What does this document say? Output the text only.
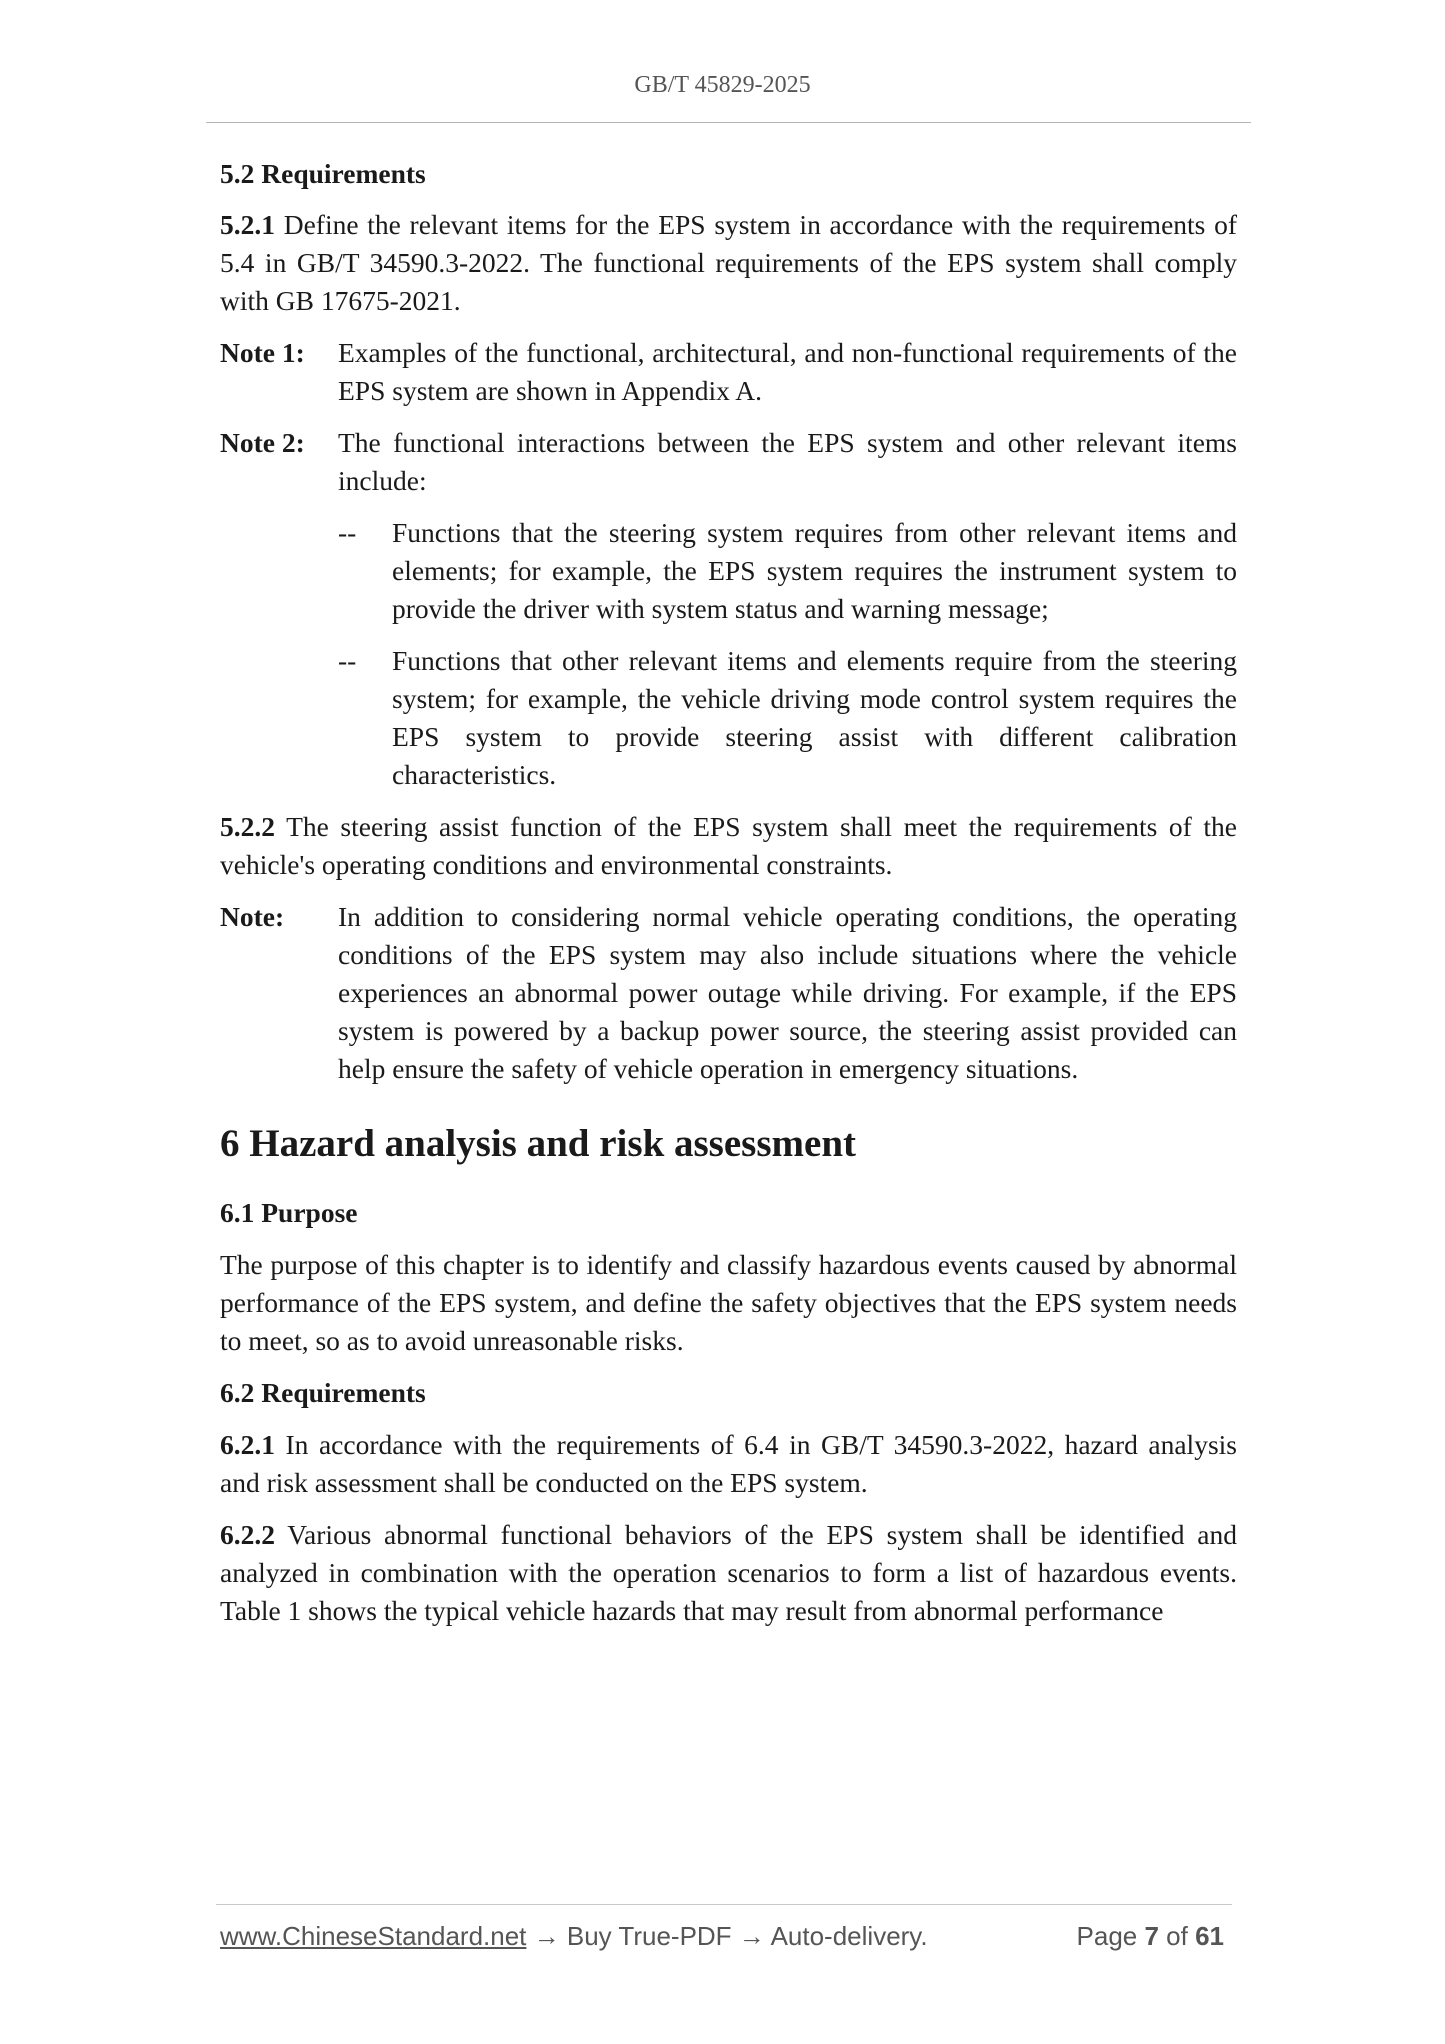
GB/T 45829-2025
5.2 Requirements
5.2.1 Define the relevant items for the EPS system in accordance with the requirements of 5.4 in GB/T 34590.3-2022. The functional requirements of the EPS system shall comply with GB 17675-2021.
Note 1:	Examples of the functional, architectural, and non-functional requirements of the EPS system are shown in Appendix A.
Note 2:	The functional interactions between the EPS system and other relevant items include:
--	Functions that the steering system requires from other relevant items and elements; for example, the EPS system requires the instrument system to provide the driver with system status and warning message;
--	Functions that other relevant items and elements require from the steering system; for example, the vehicle driving mode control system requires the EPS system to provide steering assist with different calibration characteristics.
5.2.2 The steering assist function of the EPS system shall meet the requirements of the vehicle's operating conditions and environmental constraints.
Note:	In addition to considering normal vehicle operating conditions, the operating conditions of the EPS system may also include situations where the vehicle experiences an abnormal power outage while driving. For example, if the EPS system is powered by a backup power source, the steering assist provided can help ensure the safety of vehicle operation in emergency situations.
6 Hazard analysis and risk assessment
6.1 Purpose
The purpose of this chapter is to identify and classify hazardous events caused by abnormal performance of the EPS system, and define the safety objectives that the EPS system needs to meet, so as to avoid unreasonable risks.
6.2 Requirements
6.2.1 In accordance with the requirements of 6.4 in GB/T 34590.3-2022, hazard analysis and risk assessment shall be conducted on the EPS system.
6.2.2 Various abnormal functional behaviors of the EPS system shall be identified and analyzed in combination with the operation scenarios to form a list of hazardous events. Table 1 shows the typical vehicle hazards that may result from abnormal performance
www.ChineseStandard.net → Buy True-PDF → Auto-delivery.	Page 7 of 61
